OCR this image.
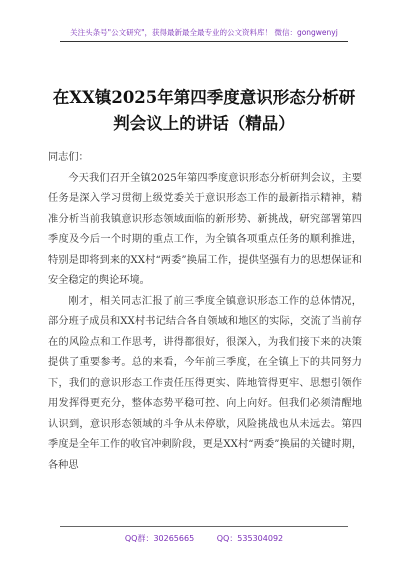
关注头条号"公文研究"，获得最新最全最专业的公文资料库！ 微信：gongwenyj
在XX镇2025年第四季度意识形态分析研判会议上的讲话（精品）

同志们：

今天我们召开全镇2025年第四季度意识形态分析研判会议，主要任务是深入学习贯彻上级党委关于意识形态工作的最新指示精神，精准分析当前我镇意识形态领域面临的新形势、新挑战，研究部署第四季度及今后一个时期的重点工作，为全镇各项重点任务的顺利推进，特别是即将到来的XX村“两委”换届工作，提供坚强有力的思想保证和安全稳定的舆论环境。

刚才，相关同志汇报了前三季度全镇意识形态工作的总体情况，部分班子成员和XX村书记结合各自领域和地区的实际，交流了当前存在的风险点和工作思考，讲得都很好，很深入，为我们接下来的决策提供了重要参考。总的来看，今年前三季度，在全镇上下的共同努力下，我们的意识形态工作责任压得更实、阵地管得更牢、思想引领作用发挥得更充分，整体态势平稳可控、向上向好。但我们必须清醒地认识到，意识形态领域的斗争从未停歇，风险挑战也从未远去。第四季度是全年工作的收官冲刺阶段，更是XX村“两委”换届的关键时期，各种思

QQ群：30265665	QQ：535304092
